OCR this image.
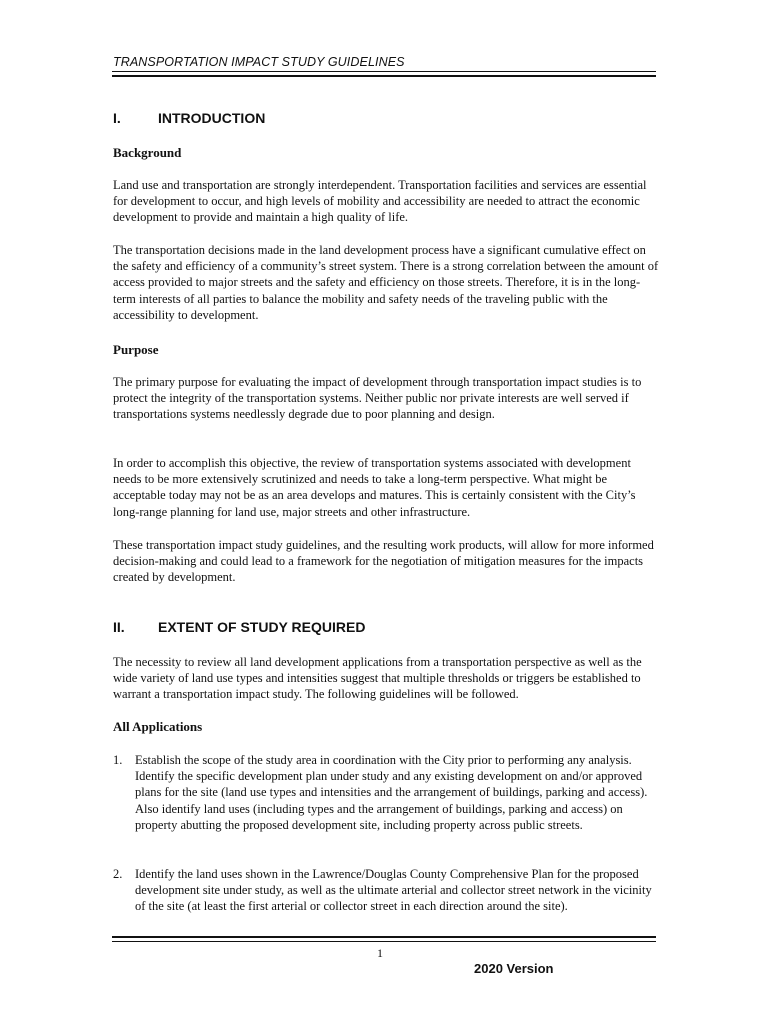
TRANSPORTATION IMPACT STUDY GUIDELINES
I.	INTRODUCTION
Background

Land use and transportation are strongly interdependent. Transportation facilities and services are essential for development to occur, and high levels of mobility and accessibility are needed to attract the economic development to provide and maintain a high quality of life.

The transportation decisions made in the land development process have a significant cumulative effect on the safety and efficiency of a community’s street system. There is a strong correlation between the amount of access provided to major streets and the safety and efficiency on those streets. Therefore, it is in the long-term interests of all parties to balance the mobility and safety needs of the traveling public with the accessibility to development.

Purpose

The primary purpose for evaluating the impact of development through transportation impact studies is to protect the integrity of the transportation systems. Neither public nor private interests are well served if transportations systems needlessly degrade due to poor planning and design.

In order to accomplish this objective, the review of transportation systems associated with development needs to be more extensively scrutinized and needs to take a long-term perspective. What might be acceptable today may not be as an area develops and matures. This is certainly consistent with the City’s long-range planning for land use, major streets and other infrastructure.

These transportation impact study guidelines, and the resulting work products, will allow for more informed decision-making and could lead to a framework for the negotiation of mitigation measures for the impacts created by development.

II. EXTENT OF STUDY REQUIRED

The necessity to review all land development applications from a transportation perspective as well as the wide variety of land use types and intensities suggest that multiple thresholds or triggers be established to warrant a transportation impact study. The following guidelines will be followed.

All Applications
1. Establish the scope of the study area in coordination with the City prior to performing any analysis. Identify the specific development plan under study and any existing development on and/or approved plans for the site (land use types and intensities and the arrangement of buildings, parking and access). Also identify land uses (including types and the arrangement of buildings, parking and access) on property abutting the proposed development site, including property across public streets.
2. Identify the land uses shown in the Lawrence/Douglas County Comprehensive Plan for the proposed development site under study, as well as the ultimate arterial and collector street network in the vicinity of the site (at least the first arterial or collector street in each direction around the site).
1
2020 Version
